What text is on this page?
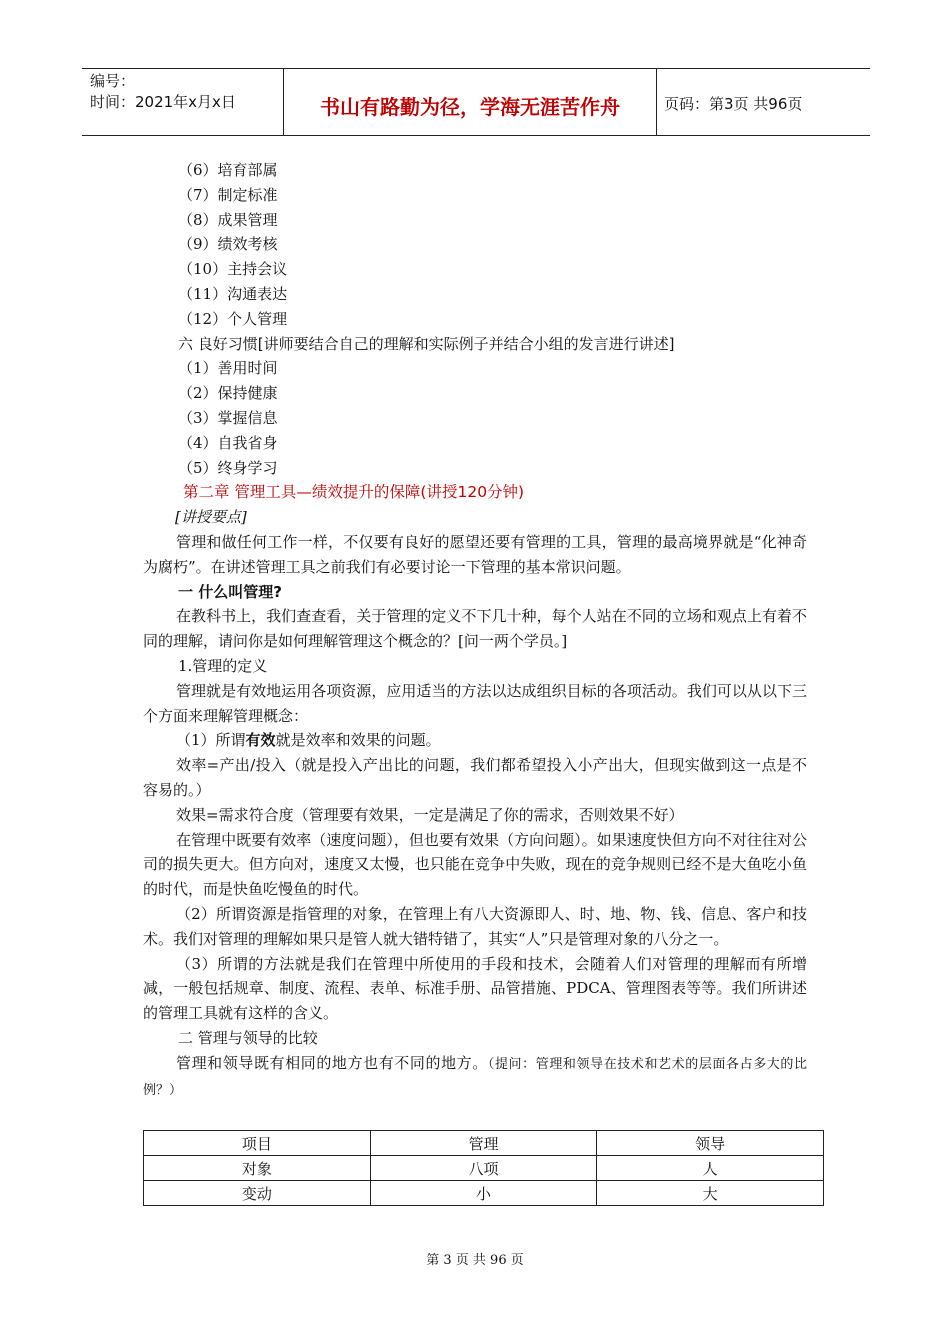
编号：
时间：2021年x月x日	书山有路勤为径，学海无涯苦作舟	页码：第3页 共96页

（6）培育部属

（7）制定标准

（8）成果管理

（9）绩效考核

（10）主持会议

（11）沟通表达

（12）个人管理

六 良好习惯[讲师要结合自己的理解和实际例子并结合小组的发言进行讲述]

（1）善用时间

（2）保持健康

（3）掌握信息

（4）自我省身

（5）终身学习

第二章 管理工具—绩效提升的保障(讲授120分钟)

[讲授要点]

管理和做任何工作一样，不仅要有良好的愿望还要有管理的工具，管理的最高境界就是“化神奇为腐朽”。在讲述管理工具之前我们有必要讨论一下管理的基本常识问题。

一 什么叫管理?

在教科书上，我们查查看，关于管理的定义不下几十种，每个人站在不同的立场和观点上有着不同的理解，请问你是如何理解管理这个概念的？[问一两个学员。]

1.管理的定义

管理就是有效地运用各项资源，应用适当的方法以达成组织目标的各项活动。我们可以从以下三个方面来理解管理概念：

（1）所谓有效就是效率和效果的问题。

效率=产出/投入（就是投入产出比的问题，我们都希望投入小产出大，但现实做到这一点是不容易的。）

效果=需求符合度（管理要有效果，一定是满足了你的需求，否则效果不好）

在管理中既要有效率（速度问题），但也要有效果（方向问题）。如果速度快但方向不对往往对公司的损失更大。但方向对，速度又太慢，也只能在竞争中失败，现在的竞争规则已经不是大鱼吃小鱼的时代，而是快鱼吃慢鱼的时代。

（2）所谓资源是指管理的对象，在管理上有八大资源即人、时、地、物、钱、信息、客户和技术。我们对管理的理解如果只是管人就大错特错了，其实“人”只是管理对象的八分之一。

（3）所谓的方法就是我们在管理中所使用的手段和技术，会随着人们对管理的理解而有所增减，一般包括规章、制度、流程、表单、标准手册、品管措施、PDCA、管理图表等等。我们所讲述的管理工具就有这样的含义。

二 管理与领导的比较

管理和领导既有相同的地方也有不同的地方。（提问：管理和领导在技术和艺术的层面各占多大的比例？）

项目	管理	领导
对象	八项	人
变动	小	大
第 3 页 共 96 页
